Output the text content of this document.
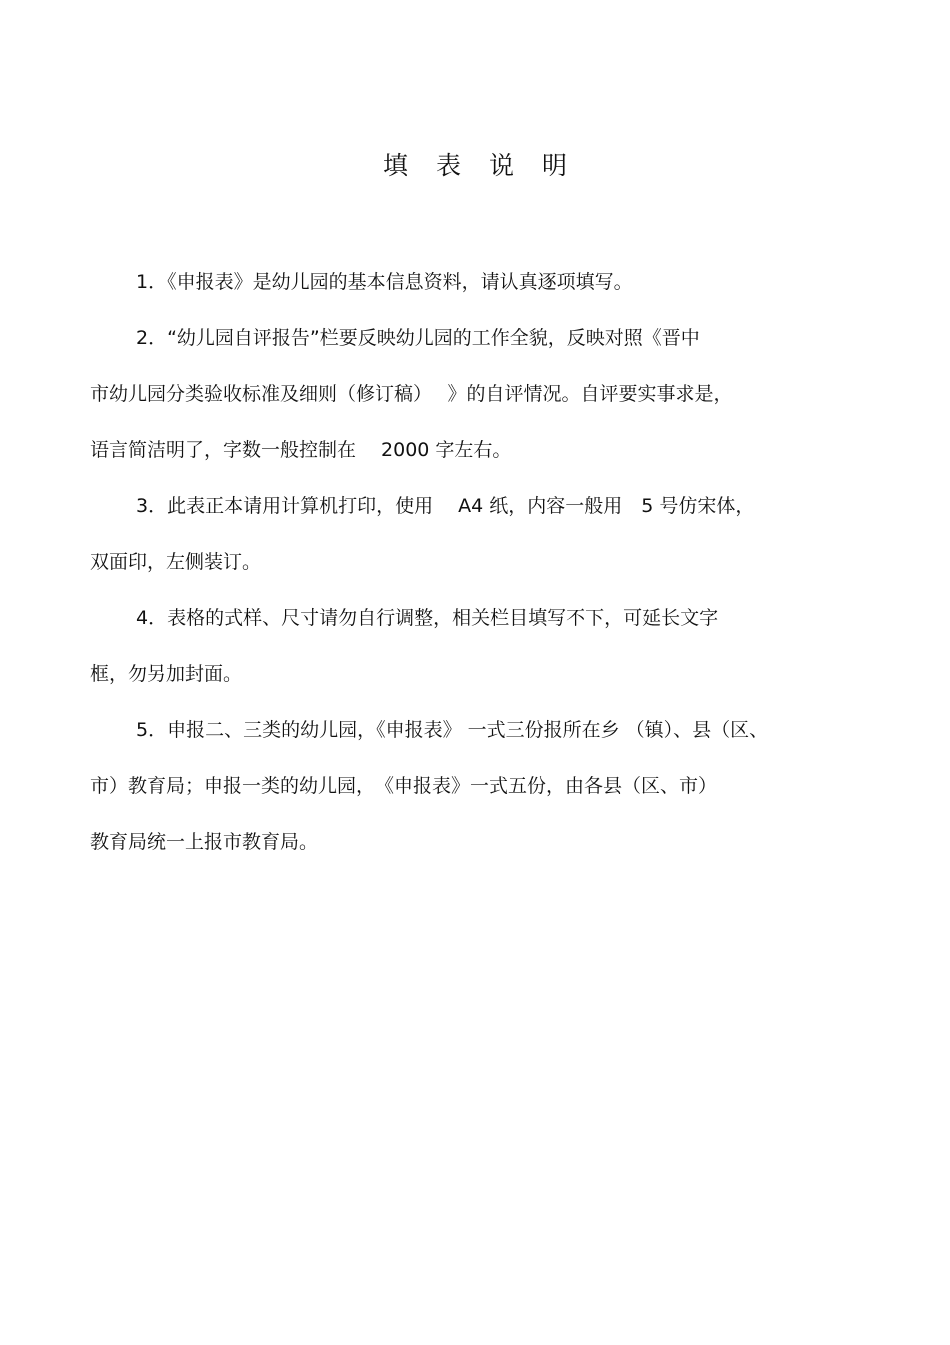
填 表 说 明
1．《申报表》是幼儿园的基本信息资料，请认真逐项填写。
2．“幼儿园自评报告”栏要反映幼儿园的工作全貌，反映对照《晋中
市幼儿园分类验收标准及细则（修订稿）　 》的自评情况。自评要实事求是，
语言简洁明了，字数一般控制在　 2000 字左右。
3．此表正本请用计算机打印，使用　 A4 纸，内容一般用　5 号仿宋体，
双面印，左侧装订。
4．表格的式样、尺寸请勿自行调整，相关栏目填写不下，可延长文字
框，勿另加封面。
5．申报二、三类的幼儿园，《申报表》 一式三份报所在乡 （镇）、县（区、
市）教育局；申报一类的幼儿园，　《申报表》一式五份，由各县（区、市）
教育局统一上报市教育局。
